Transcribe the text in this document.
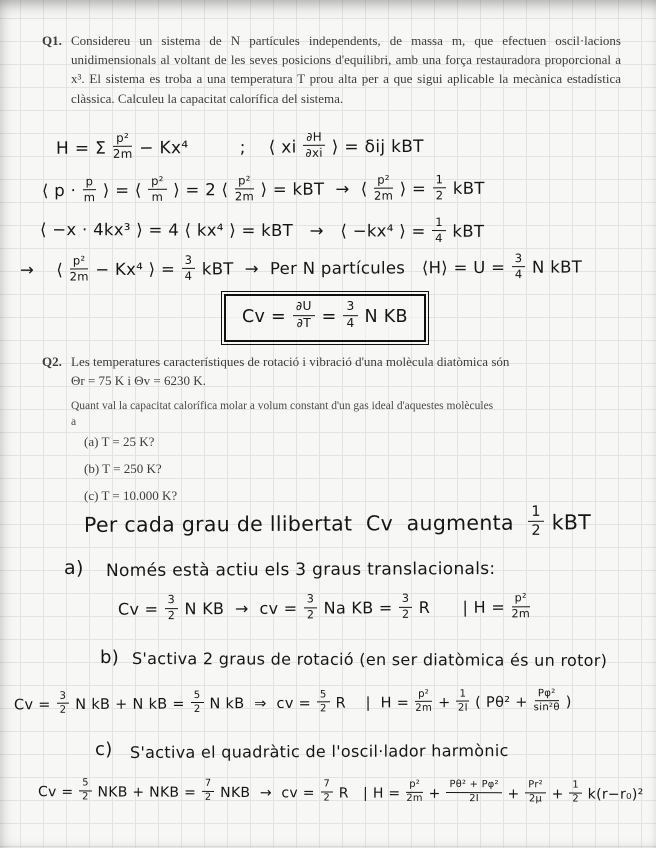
Q1. Considereu un sistema de N partícules independents, de massa m, que efectuen oscil·lacions unidimensionals al voltant de les seves posicions d'equilibri, amb una força restauradora proporcional a x³. El sistema es troba a una temperatura T prou alta per a que sigui aplicable la mecànica estadística clàssica. Calculeu la capacitat calorífica del sistema.
H = Σ $\frac{\text{p²}}{2m} - Kx^4$         ;    ⟨ xi $\frac{\partial H}{\partial xi}$ ⟩ = δij kBT
⟨ $p \cdot \frac{p}{m}$ ⟩ = ⟨ $\frac{\text{p²}}{m}$ ⟩ = 2 ⟨ $\frac{\text{p²}}{2m}$ ⟩ = kBT  →  ⟨ $\frac{\text{p²}}{2m}$ ⟩ = $\frac{1}{2}$ kBT
⟨ −x · 4kx³ ⟩ = 4 ⟨ kx⁴ ⟩ = kBT   →   ⟨ −kx⁴ ⟩ = $\frac{1}{4}$ kBT
→    ⟨ $\frac{\text{p²}}{2m} - Kx^4$ ⟩ = $\frac{3}{4}$ kBT  →  Per N partícules   ⟨H⟩ = $U = \frac{3}{4}$ N kBT
$Cv = \frac{\partial U}{\partial T} = \frac{3}{4}$ N KB
Q2. Les temperatures característiques de rotació i vibració d'una molècula diatòmica són
Θr = 75 K i Θv = 6230 K.
Quant val la capacitat calorífica molar a volum constant d'un gas ideal d'aquestes molècules
a
(a) T = 25 K?
(b) T = 250 K?
(c) T = 10.000 K?
Per cada grau de llibertat  Cv  augmenta $\frac{1}{2}$ kBT
a) Només està actiu els 3 graus translacionals:
$Cv = \frac{3}{2}$ N KB  →  cv = $\frac{3}{2}$ Na KB = $\frac{3}{2}$ R      | $H = \frac{\text{p²}}{2m}$
b) S'activa 2 graus de rotació (en ser diatòmica és un rotor)
$Cv = \frac{3}{2}$ N kB + N kB = $\frac{5}{2}$ N kB  ⇒  cv = $\frac{5}{2}$ R    |  $H = \frac{\text{p²}}{2m} + \frac{1}{2I}$ ( $P\theta^2 + \frac{\text{Pφ²}}{\text{sin²θ}}$ )
c) S'activa el quadràtic de l'oscil·lador harmònic
$Cv = \frac{5}{2}$ NKB + NKB = $\frac{7}{2}$ NKB  →  cv = $\frac{7}{2}$ R   | $H = \frac{\text{p²}}{2m} + \frac{\text{Pθ² + Pφ²}}{2I} + \frac{\text{Pr²}}{2\mu} + \frac{1}{2} k(r-r_0)^2$
